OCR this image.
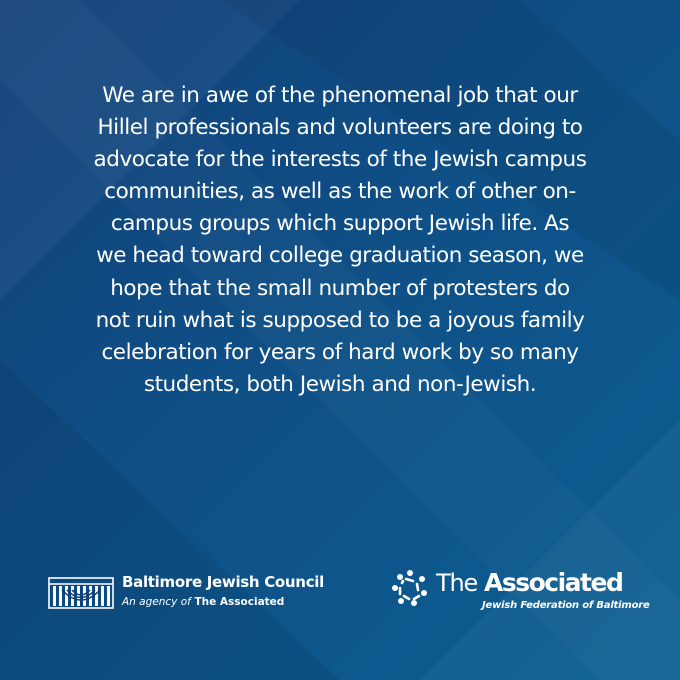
We are in awe of the phenomenal job that our
Hillel professionals and volunteers are doing to
advocate for the interests of the Jewish campus
communities, as well as the work of other on-
campus groups which support Jewish life. As
we head toward college graduation season, we
hope that the small number of protesters do
not ruin what is supposed to be a joyous family
celebration for years of hard work by so many
students, both Jewish and non-Jewish.
Baltimore Jewish Council
An agency of The Associated
The Associated
Jewish Federation of Baltimore
